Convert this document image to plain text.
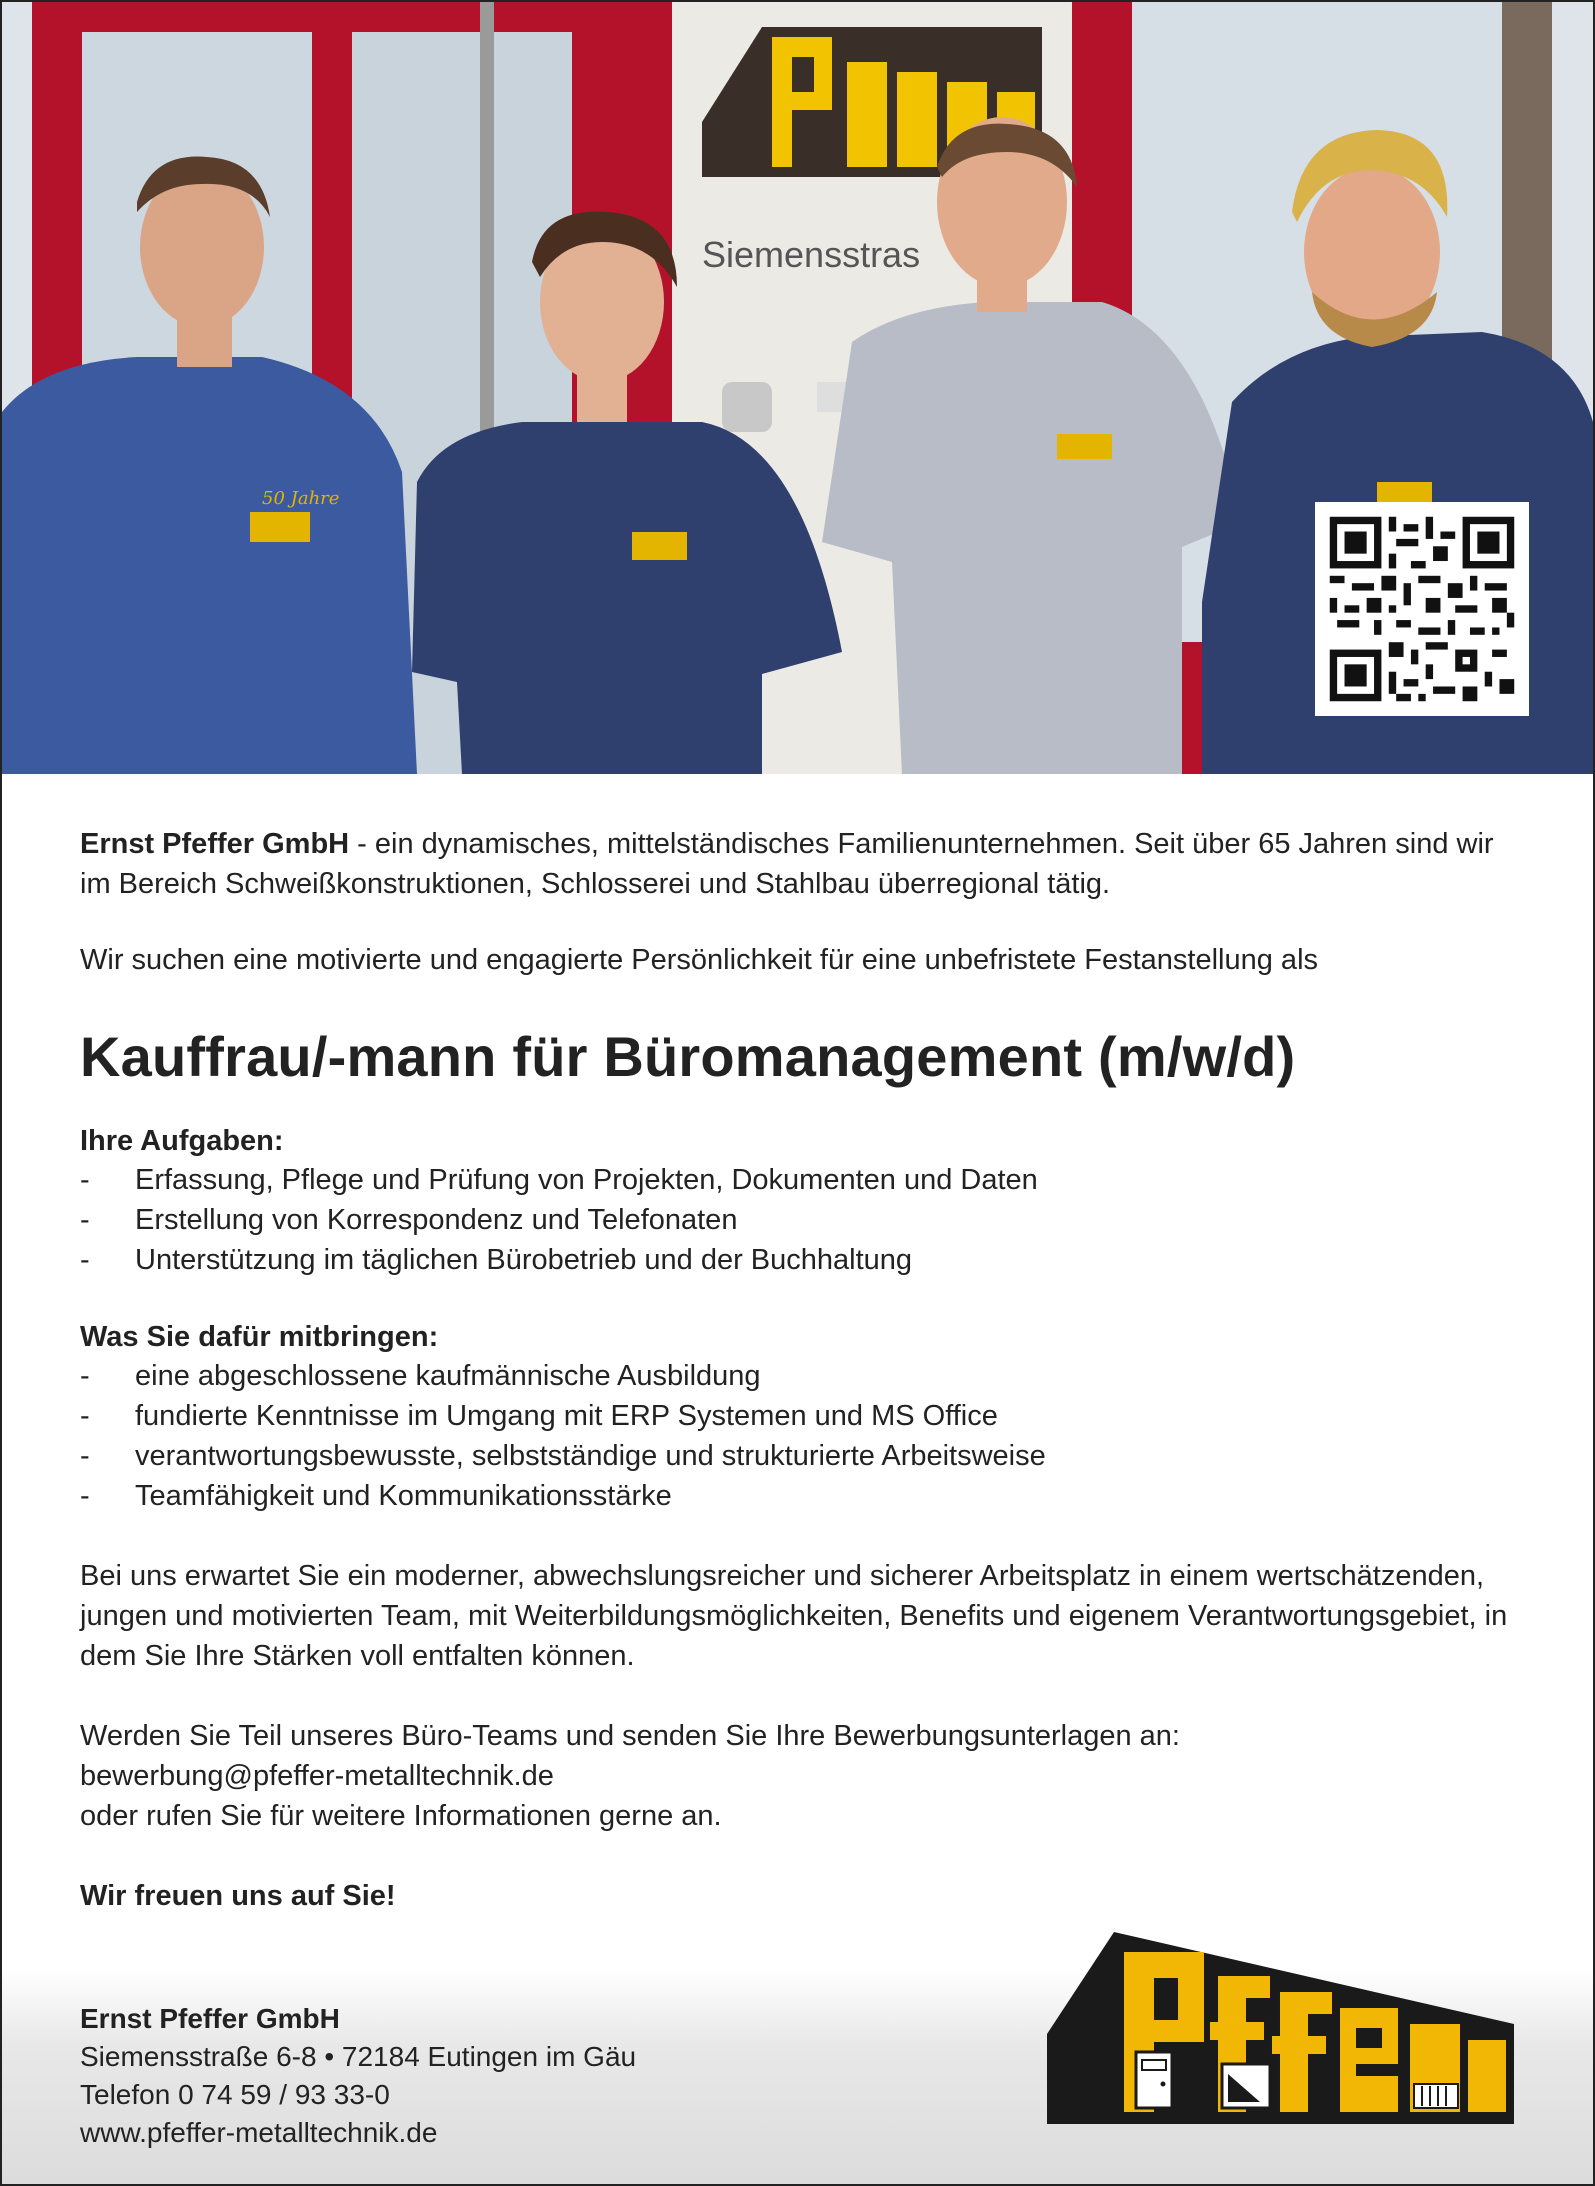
Siemensstras
50 Jahre

Ernst Pfeffer GmbH - ein dynamisches, mittelständisches Familienunternehmen. Seit über 65 Jahren sind wir im Bereich Schweißkonstruktionen, Schlosserei und Stahlbau überregional tätig.

Wir suchen eine motivierte und engagierte Persönlichkeit für eine unbefristete Festanstellung als

Kauffrau/-mann für Büromanagement (m/w/d)
Ihre Aufgaben:
- Erfassung, Pflege und Prüfung von Projekten, Dokumenten und Daten
- Erstellung von Korrespondenz und Telefonaten
- Unterstützung im täglichen Bürobetrieb und der Buchhaltung
Was Sie dafür mitbringen:
- eine abgeschlossene kaufmännische Ausbildung
- fundierte Kenntnisse im Umgang mit ERP Systemen und MS Office
- verantwortungsbewusste, selbstständige und strukturierte Arbeitsweise
- Teamfähigkeit und Kommunikationsstärke

Bei uns erwartet Sie ein moderner, abwechslungsreicher und sicherer Arbeitsplatz in einem wertschätzenden, jungen und motivierten Team, mit Weiterbildungsmöglichkeiten, Benefits und eigenem Verantwortungsgebiet, in dem Sie Ihre Stärken voll entfalten können.

Werden Sie Teil unseres Büro-Teams und senden Sie Ihre Bewerbungsunterlagen an:
bewerbung@pfeffer-metalltechnik.de
oder rufen Sie für weitere Informationen gerne an.

Wir freuen uns auf Sie!

Ernst Pfeffer GmbH
Siemensstraße 6-8 • 72184 Eutingen im Gäu
Telefon 0 74 59 / 93 33-0
www.pfeffer-metalltechnik.de
